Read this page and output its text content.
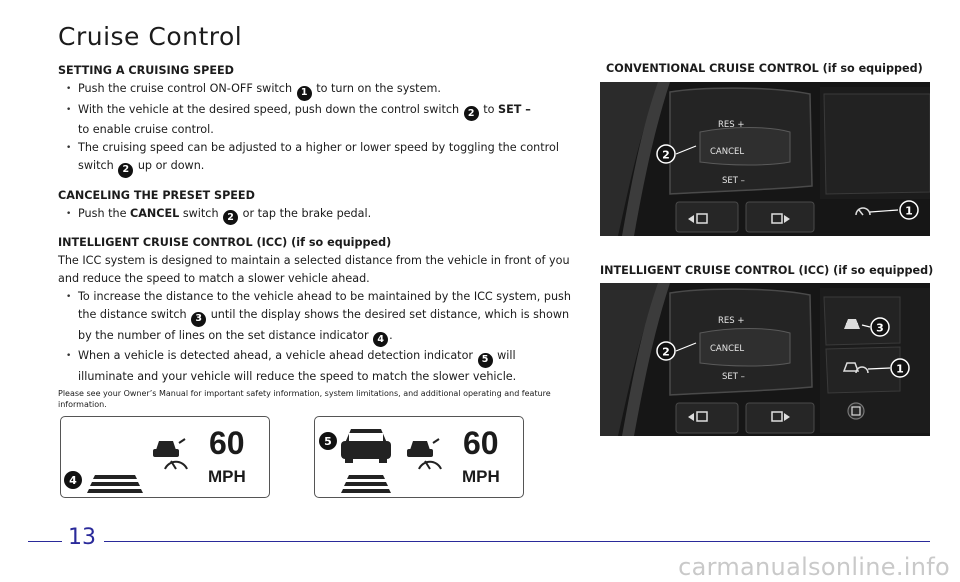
Cruise Control
SETTING A CRUISING SPEED
• Push the cruise control ON-OFF switch 1 to turn on the system.
• With the vehicle at the desired speed, push down the control switch 2 to SET –
to enable cruise control.
• The cruising speed can be adjusted to a higher or lower speed by toggling the control switch 2 up or down.
CANCELING THE PRESET SPEED
• Push the CANCEL switch 2 or tap the brake pedal.
INTELLIGENT CRUISE CONTROL (ICC) (if so equipped)
The ICC system is designed to maintain a selected distance from the vehicle in front of you and reduce the speed to match a slower vehicle ahead.
• To increase the distance to the vehicle ahead to be maintained by the ICC system, push the distance switch 3 until the display shows the desired set distance, which is shown by the number of lines on the set distance indicator 4 .
• When a vehicle is detected ahead, a vehicle ahead detection indicator 5 will illuminate and your vehicle will reduce the speed to match the slower vehicle.
Please see your Owner’s Manual for important safety information, system limitations, and additional operating and feature information.
CONVENTIONAL CRUISE CONTROL (if so equipped)
RES +
CANCEL
SET –
2
1
INTELLIGENT CRUISE CONTROL (ICC) (if so equipped)
RES +
CANCEL
SET –
2
3
1
60
MPH
4
60
MPH
5
13
carmanualsonline.info
